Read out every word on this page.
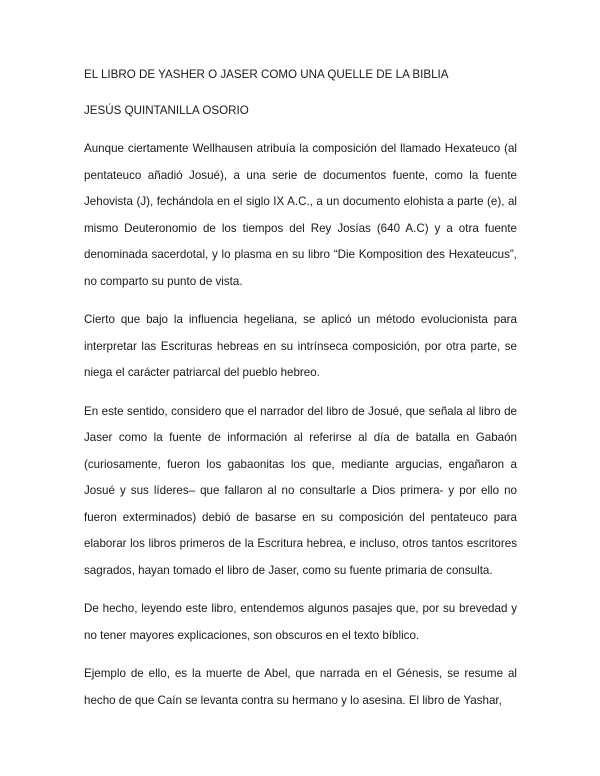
EL LIBRO DE YASHER O JASER COMO UNA QUELLE DE LA BIBLIA

JESÚS QUINTANILLA OSORIO

Aunque ciertamente Wellhausen atribuía la composición del llamado Hexateuco (al pentateuco añadió Josué), a una serie de documentos fuente, como la fuente Jehovista (J), fechándola en el siglo IX A.C., a un documento elohista a parte (e), al mismo Deuteronomio de los tiempos del Rey Josías (640 A.C) y a otra fuente denominada sacerdotal, y lo plasma en su libro “Die Komposition des Hexateucus”, no comparto su punto de vista.

Cierto que bajo la influencia hegeliana, se aplicó un método evolucionista para interpretar las Escrituras hebreas en su intrínseca composición, por otra parte, se niega el carácter patriarcal del pueblo hebreo.

En este sentido, considero que el narrador del libro de Josué, que señala al libro de Jaser como la fuente de información al referirse al día de batalla en Gabaón (curiosamente, fueron los gabaonitas los que, mediante argucias, engañaron a Josué y sus líderes– que fallaron al no consultarle a Dios primera- y por ello no fueron exterminados) debió de basarse en su composición del pentateuco para elaborar los libros primeros de la Escritura hebrea, e incluso, otros tantos escritores sagrados, hayan tomado el libro de Jaser, como su fuente primaria de consulta.

De hecho, leyendo este libro, entendemos algunos pasajes que, por su brevedad y no tener mayores explicaciones, son obscuros en el texto bíblico.

Ejemplo de ello, es la muerte de Abel, que narrada en el Génesis, se resume al hecho de que Caín se levanta contra su hermano y lo asesina. El libro de Yashar,
